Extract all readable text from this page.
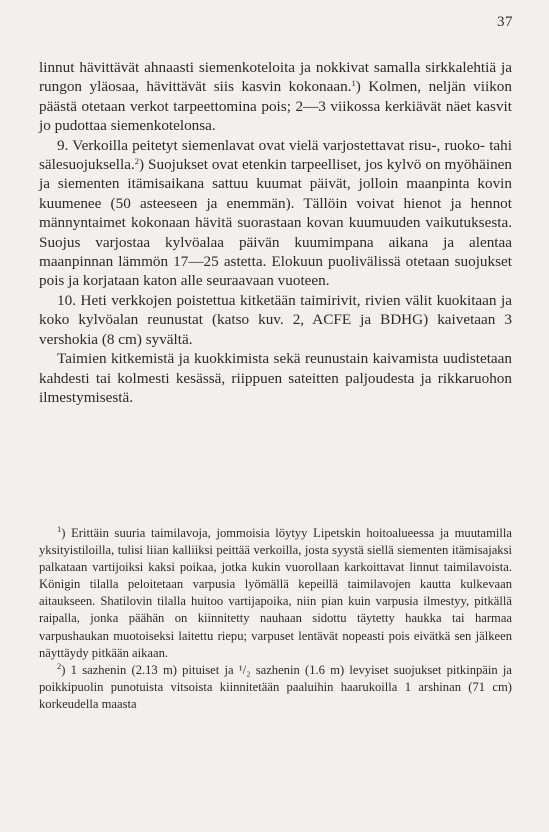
37

linnut hävittävät ahnaasti siemenkoteloita ja nokkivat samalla sirkkalehtiä ja rungon yläosaa, hävittävät siis kasvin kokonaan.$^1$) Kolmen, neljän viikon päästä otetaan verkot tarpeettomina pois; 2—3 viikossa kerkiävät näet kasvit jo pudottaa siemenkotelonsa.

9. Verkoilla peitetyt siemenlavat ovat vielä varjostettavat risu-, ruoko- tahi sälesuojuksella.$^2$) Suojukset ovat etenkin tarpeelliset, jos kylvö on myöhäinen ja siementen itämisaikana sattuu kuumat päivät, jolloin maanpinta kovin kuumenee (50 asteeseen ja enemmän). Tällöin voivat hienot ja hennot männyntaimet kokonaan hävitä suorastaan kovan kuumuuden vaikutuksesta. Suojus varjostaa kylvöalaa päivän kuumimpana aikana ja alentaa maanpinnan lämmön 17—25 astetta. Elokuun puolivälissä otetaan suojukset pois ja korjataan katon alle seuraavaan vuoteen.

10. Heti verkkojen poistettua kitketään taimirivit, rivien välit kuokitaan ja koko kylvöalan reunustat (katso kuv. 2, ACFE ja BDHG) kaivetaan 3 vershokia (8 cm) syvältä.

Taimien kitkemistä ja kuokkimista sekä reunustain kaivamista uudistetaan kahdesti tai kolmesti kesässä, riippuen sateitten paljoudesta ja rikkaruohon ilmestymisestä.

$^1$) Erittäin suuria taimilavoja, jommoisia löytyy Lipetskin hoitoalueessa ja muutamilla yksityistiloilla, tulisi liian kalliiksi peittää verkoilla, josta syystä siellä siementen itämisajaksi palkataan vartijoiksi kaksi poikaa, jotka kukin vuorollaan karkoittavat linnut taimilavoista. Königin tilalla peloitetaan varpusia lyömällä kepeillä taimilavojen kautta kulkevaan aitaukseen. Shatilovin tilalla huitoo vartijapoika, niin pian kuin varpusia ilmestyy, pitkällä raipalla, jonka päähän on kiinnitetty nauhaan sidottu täytetty haukka tai harmaa varpushaukan muotoiseksi laitettu riepu; varpuset lentävät nopeasti pois eivätkä sen jälkeen näyttäydy pitkään aikaan.

$^2$) 1 sazhenin (2.13 m) pituiset ja ¹/₂ sazhenin (1.6 m) levyiset suojukset pitkinpäin ja poikkipuolin punotuista vitsoista kiinnitetään paaluihin haarukoilla 1 arshinan (71 cm) korkeudella maasta
